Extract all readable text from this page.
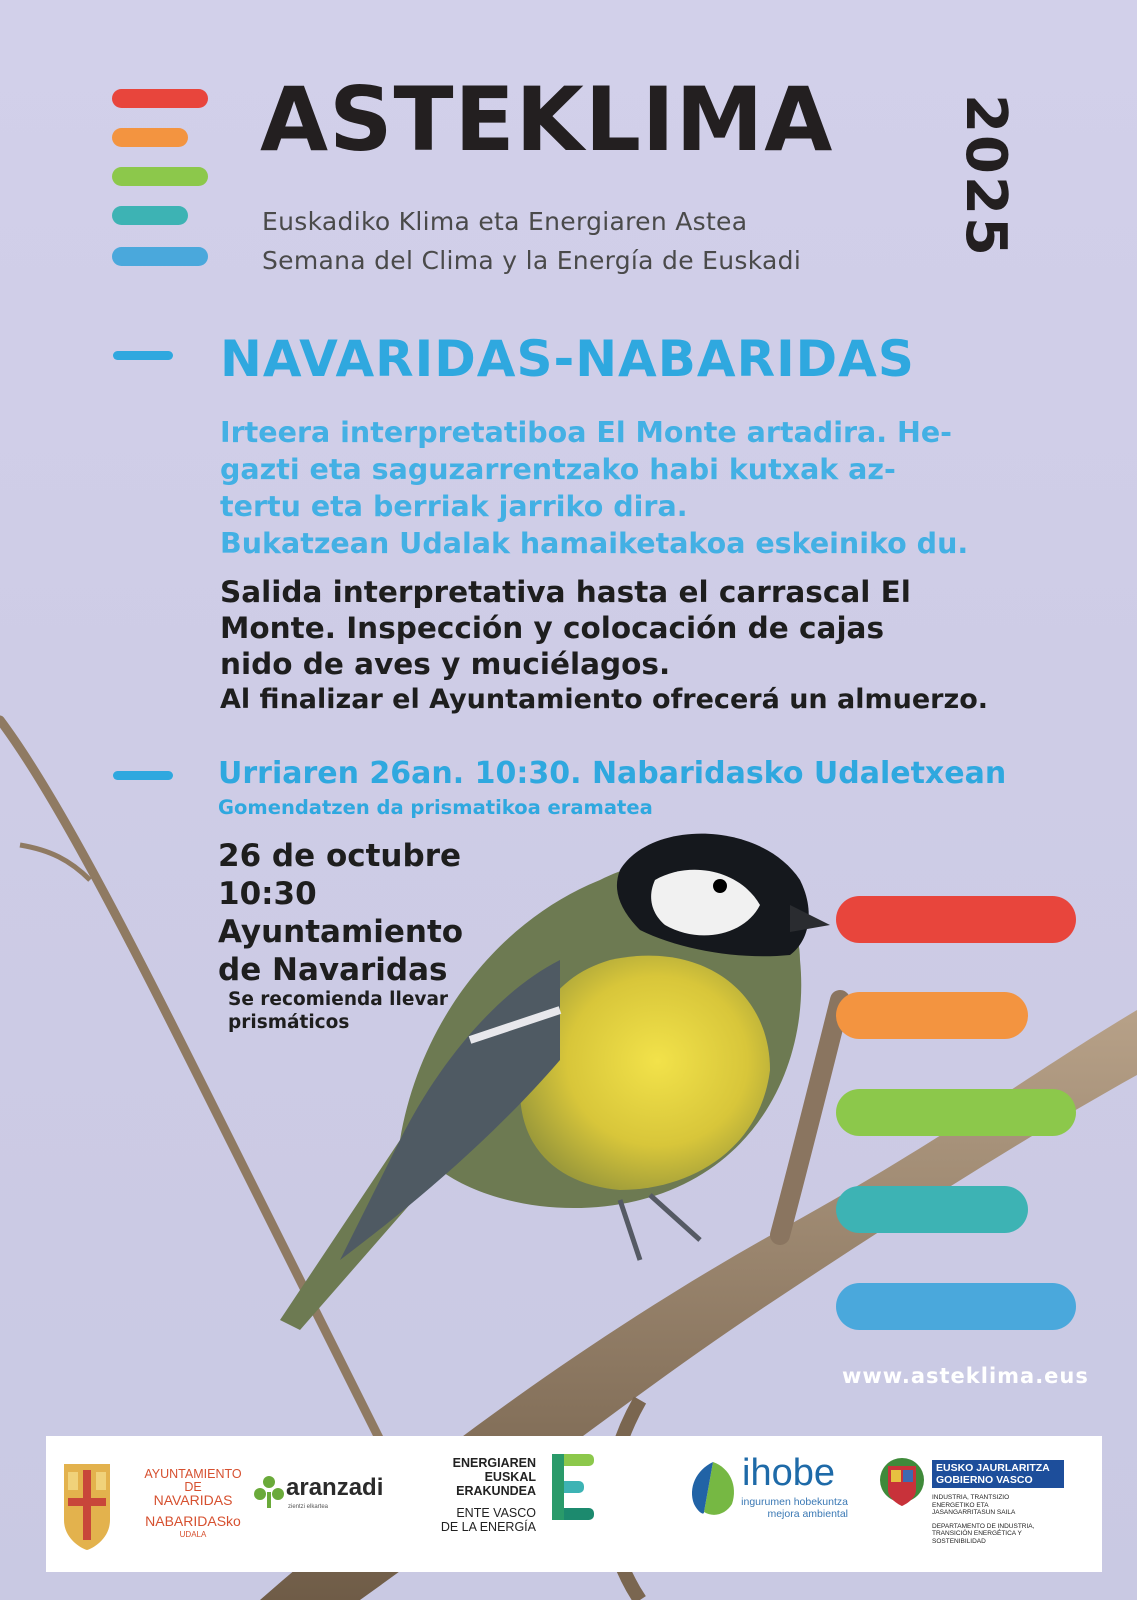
ASTEKLIMA
Euskadiko Klima eta Energiaren Astea
Semana del Clima y la Energía de Euskadi
2025
NAVARIDAS-NABARIDAS
Irteera interpretatiboa El Monte artadira. He-
gazti eta saguzarrentzako habi kutxak az-
tertu eta berriak jarriko dira.
Bukatzean Udalak hamaiketakoa eskeiniko du.
Salida interpretativa hasta el carrascal El
Monte. Inspección y colocación de cajas
nido de aves y muciélagos.
Al finalizar el Ayuntamiento ofrecerá un almuerzo.
Urriaren 26an. 10:30. Nabaridasko Udaletxean
Gomendatzen da prismatikoa eramatea
26 de octubre
10:30
Ayuntamiento
de Navaridas
Se recomienda llevar
prismáticos
www.asteklima.eus
AYUNTAMIENTO DE
NAVARIDAS
NABARIDASko
UDALA
aranzadi
zientzi elkartea
ENERGIAREN
EUSKAL ERAKUNDEA
ENTE VASCO
DE LA ENERGÍA
ihobe
ingurumen hobekuntza
mejora ambiental
EUSKO JAURLARITZA
GOBIERNO VASCO
INDUSTRIA, TRANTSIZIO
ENERGETIKO ETA
JASANGARRITASUN SAILA
DEPARTAMENTO DE INDUSTRIA,
TRANSICIÓN ENERGÉTICA Y
SOSTENIBILIDAD
